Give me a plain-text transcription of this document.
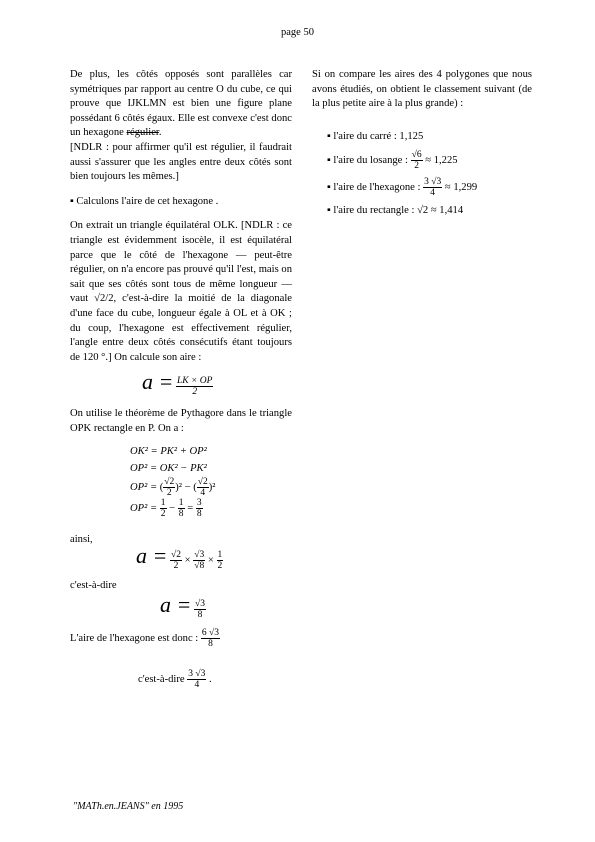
page 50

De plus, les côtés opposés sont parallèles car symétriques par rapport au centre O du cube, ce qui prouve que IJKLMN est bien une figure plane possédant 6 côtés égaux. Elle est convexe c'est donc un hexagone régulier.

[NDLR : pour affirmer qu'il est régulier, il faudrait aussi s'assurer que les angles entre deux côtés sont bien toujours les mêmes.]

▪ Calculons l'aire de cet hexagone .

On extrait un triangle équilatéral OLK. [NDLR : ce triangle est évidemment isocèle, il est équilatéral parce que le côté de l'hexagone — peut-être régulier, on n'a encore pas prouvé qu'il l'est, mais on sait que ses côtés sont tous de même longueur — vaut √2/2, c'est-à-dire la moitié de la diagonale d'une face du cube, longueur égale à OL et à OK ; du coup, l'hexagone est effectivement régulier, l'angle entre deux côtés consécutifs étant toujours de 120 °.] On calcule son aire :

$a = \frac{LK \times OP}{2}$

On utilise le théorème de Pythagore dans le triangle OPK rectangle en P. On a :

OK² = PK² + OP²
OP² = OK² − PK²
OP² = ( $\frac{√2}{2} )^2$ − ( $\frac{√2}{4} )^2$
$OP^2 = \frac{1}{2} - \frac{1}{8} = \frac{3}{8}$

ainsi,

$a = \frac{√2}{2} \times \frac{√3}{√8} \times \frac{1}{2}$

c'est-à-dire

$a = \frac{√3}{8}$
L'aire de l'hexagone est donc : $\frac{6 √3}{8}$
c'est-à-dire $\frac{3 √3}{4}$ .

Si on compare les aires des 4 polygones que nous avons étudiés, on obtient le classement suivant (de la plus petite aire à la plus grande) :

▪ l'aire du carré : 1,125
▪ l'aire du losange : $\frac{√6}{2} \approx 1,225$
▪ l'aire de l'hexagone : $\frac{3 √3}{4} \approx 1,299$
▪ l'aire du rectangle : √2 ≈ 1,414
"MATh.en.JEANS" en 1995
